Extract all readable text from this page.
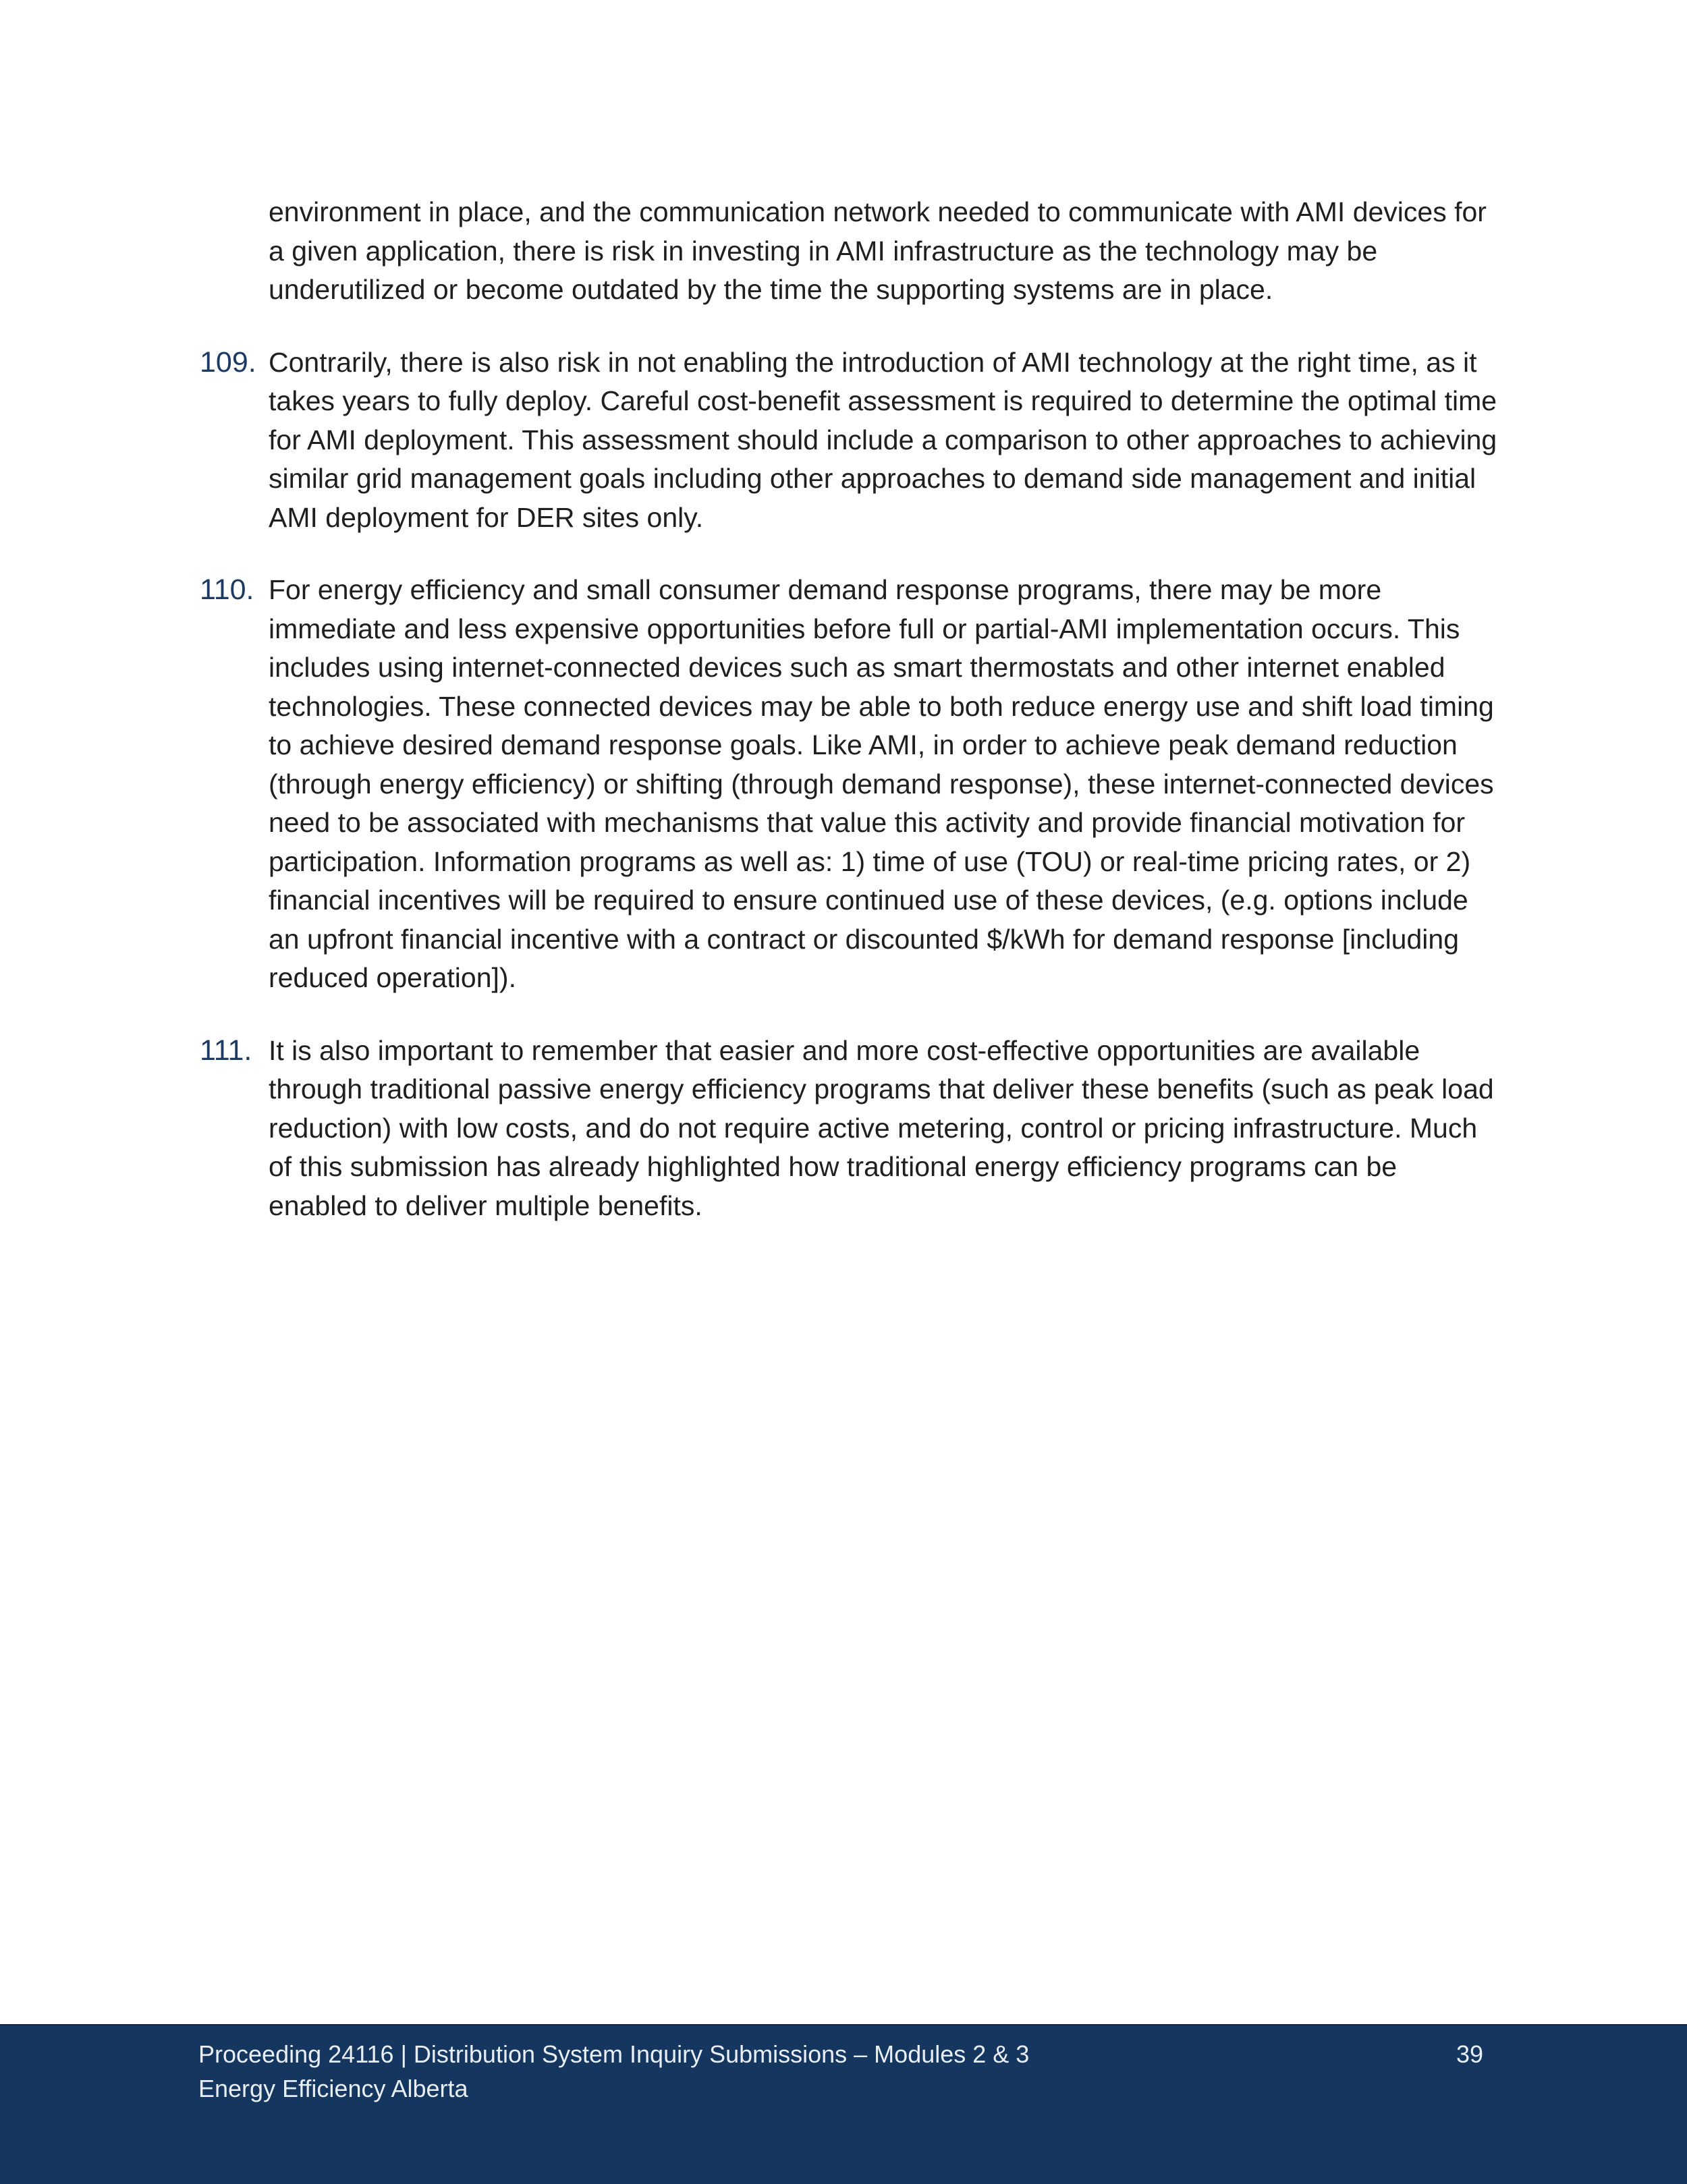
environment in place, and the communication network needed to communicate with AMI devices for a given application, there is risk in investing in AMI infrastructure as the technology may be underutilized or become outdated by the time the supporting systems are in place.

109. Contrarily, there is also risk in not enabling the introduction of AMI technology at the right time, as it takes years to fully deploy. Careful cost-benefit assessment is required to determine the optimal time for AMI deployment. This assessment should include a comparison to other approaches to achieving similar grid management goals including other approaches to demand side management and initial AMI deployment for DER sites only.

110. For energy efficiency and small consumer demand response programs, there may be more immediate and less expensive opportunities before full or partial-AMI implementation occurs. This includes using internet-connected devices such as smart thermostats and other internet enabled technologies. These connected devices may be able to both reduce energy use and shift load timing to achieve desired demand response goals. Like AMI, in order to achieve peak demand reduction (through energy efficiency) or shifting (through demand response), these internet-connected devices need to be associated with mechanisms that value this activity and provide financial motivation for participation. Information programs as well as: 1) time of use (TOU) or real-time pricing rates, or 2) financial incentives will be required to ensure continued use of these devices, (e.g. options include an upfront financial incentive with a contract or discounted $/kWh for demand response [including reduced operation]).

111. It is also important to remember that easier and more cost-effective opportunities are available through traditional passive energy efficiency programs that deliver these benefits (such as peak load reduction) with low costs, and do not require active metering, control or pricing infrastructure. Much of this submission has already highlighted how traditional energy efficiency programs can be enabled to deliver multiple benefits.

Proceeding 24116 | Distribution System Inquiry Submissions – Modules 2 & 3
Energy Efficiency Alberta
39
